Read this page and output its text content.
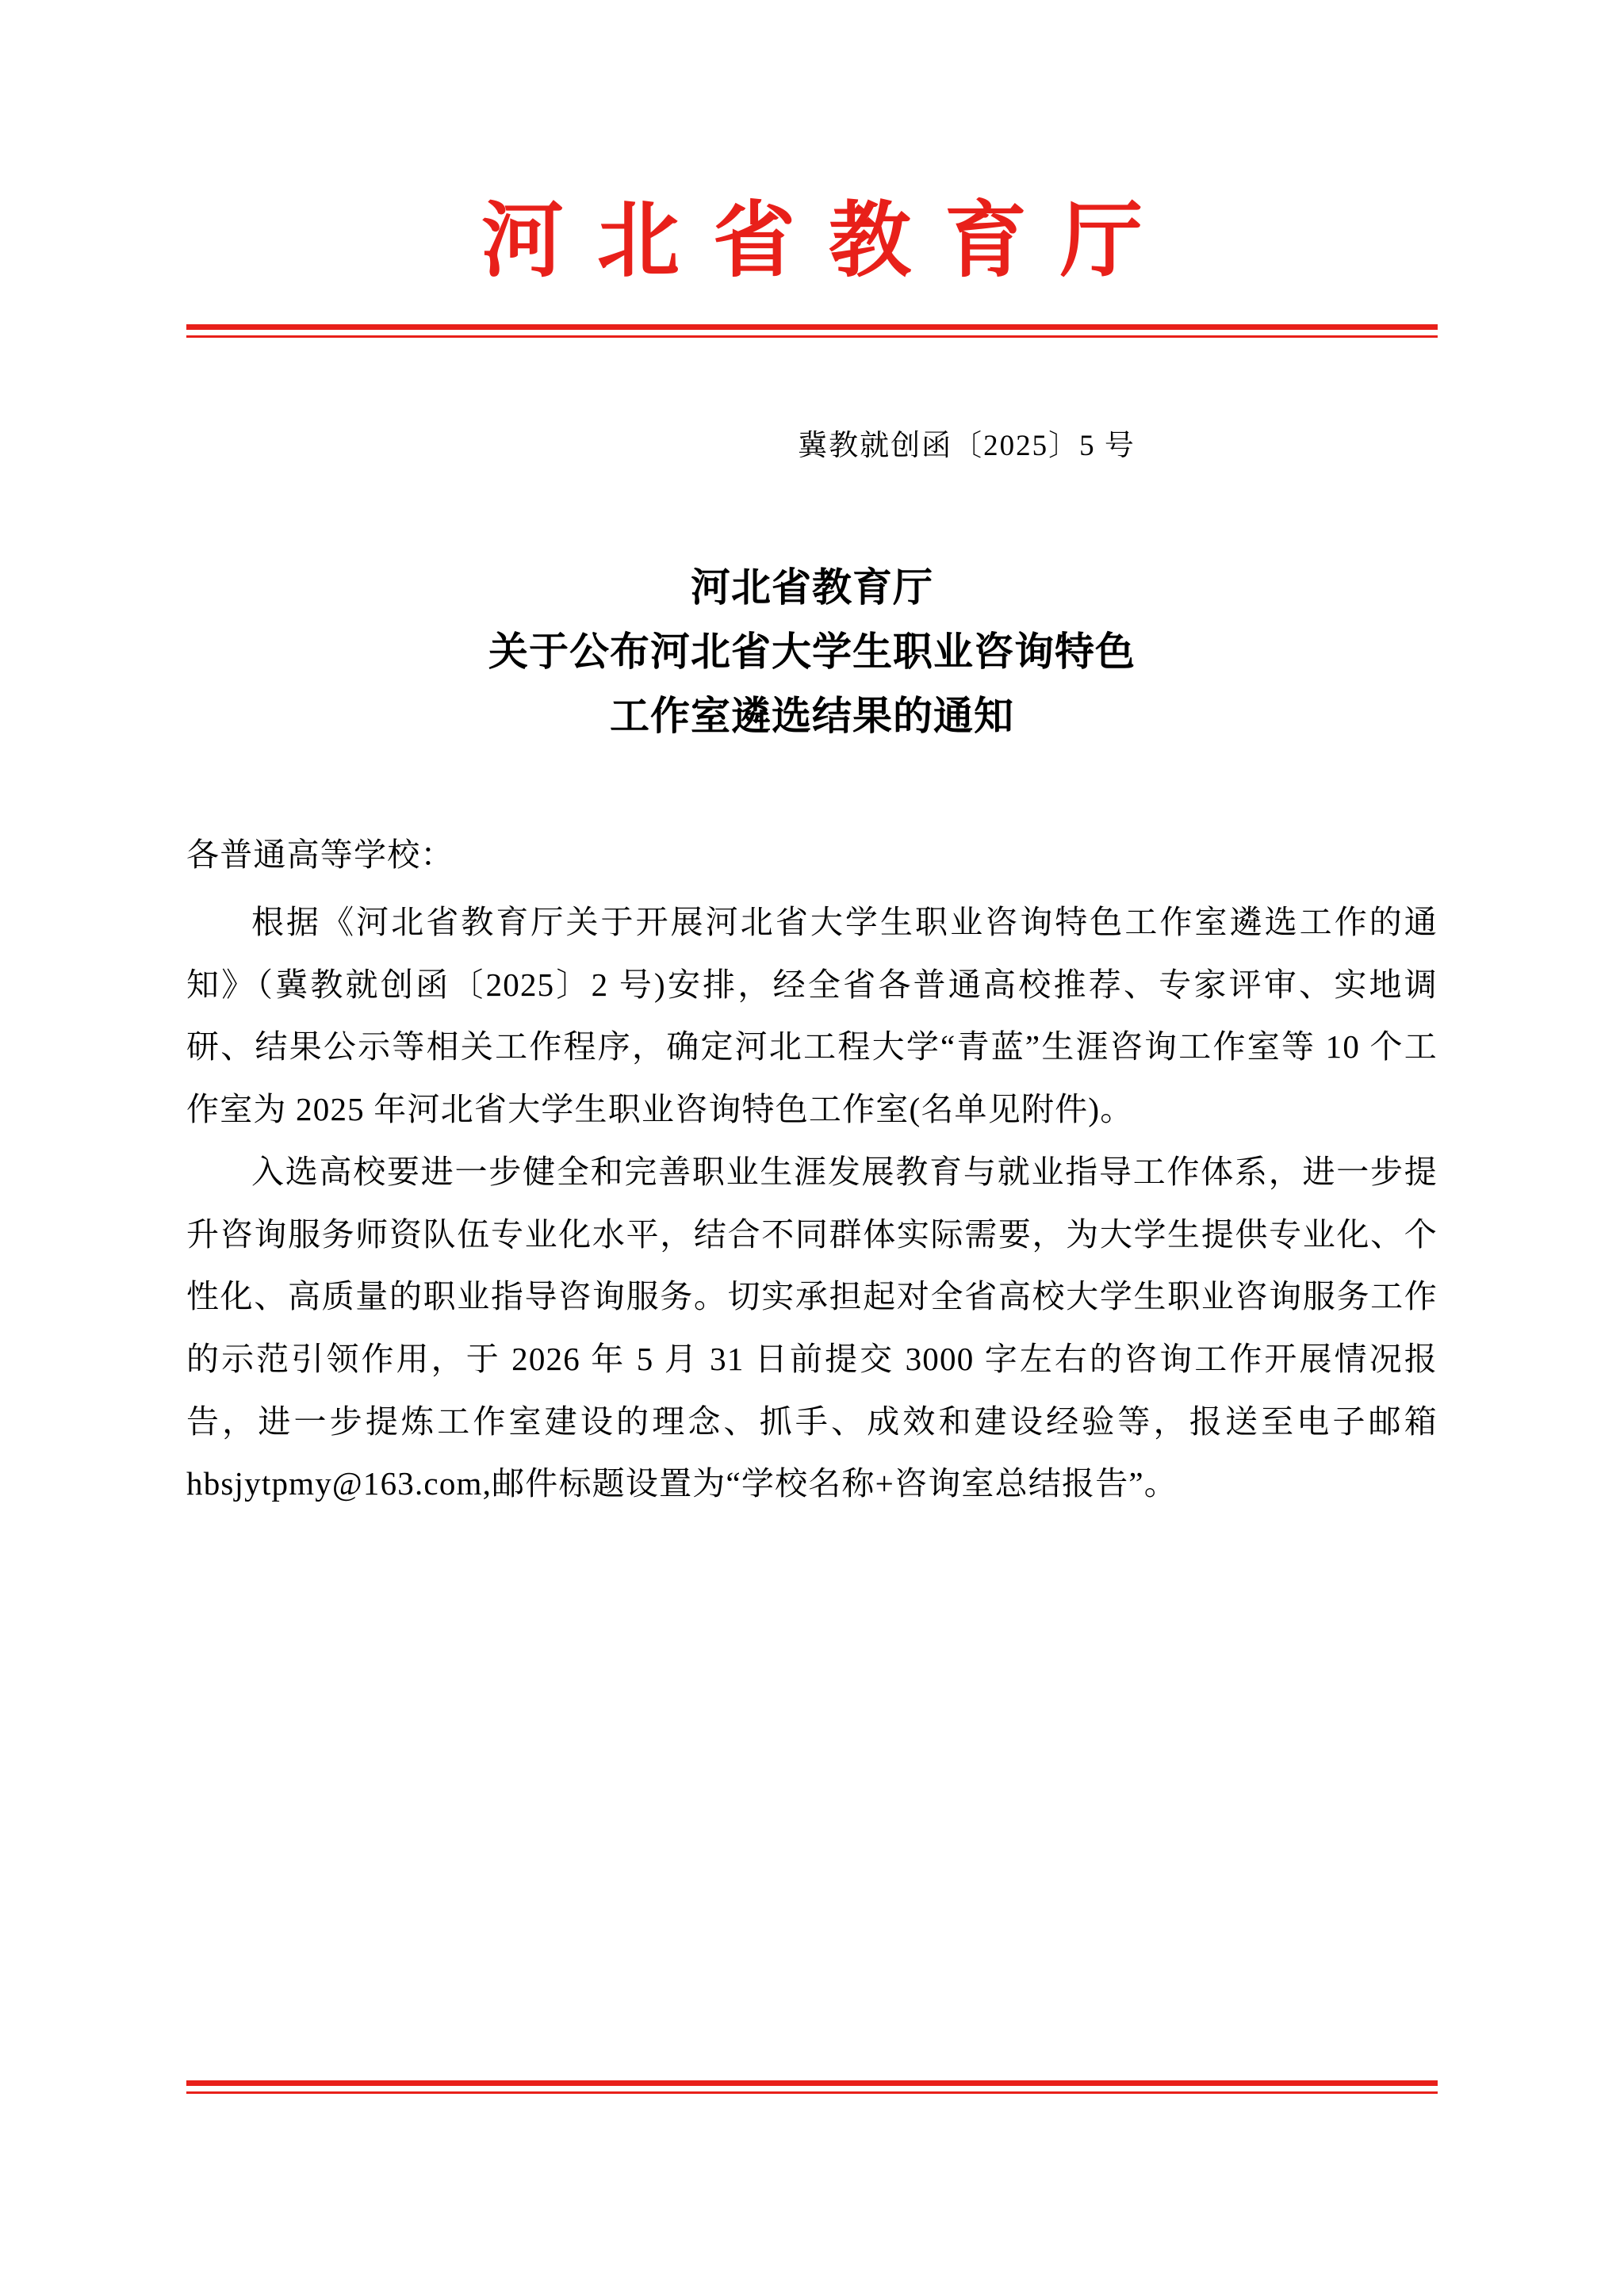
河北省教育厅
冀教就创函〔2025〕5 号
河北省教育厅
关于公布河北省大学生职业咨询特色
工作室遴选结果的通知

各普通高等学校：

根据《河北省教育厅关于开展河北省大学生职业咨询特色工作室遴选工作的通知》（冀教就创函〔2025〕2 号)安排，经全省各普通高校推荐、专家评审、实地调研、结果公示等相关工作程序，确定河北工程大学“青蓝”生涯咨询工作室等 10 个工作室为 2025 年河北省大学生职业咨询特色工作室(名单见附件)。

入选高校要进一步健全和完善职业生涯发展教育与就业指导工作体系，进一步提升咨询服务师资队伍专业化水平，结合不同群体实际需要，为大学生提供专业化、个性化、高质量的职业指导咨询服务。切实承担起对全省高校大学生职业咨询服务工作的示范引领作用，于 2026 年 5 月 31 日前提交 3000 字左右的咨询工作开展情况报告，进一步提炼工作室建设的理念、抓手、成效和建设经验等，报送至电子邮箱 hbsjytpmy@163.com,邮件标题设置为“学校名称+咨询室总结报告”。
